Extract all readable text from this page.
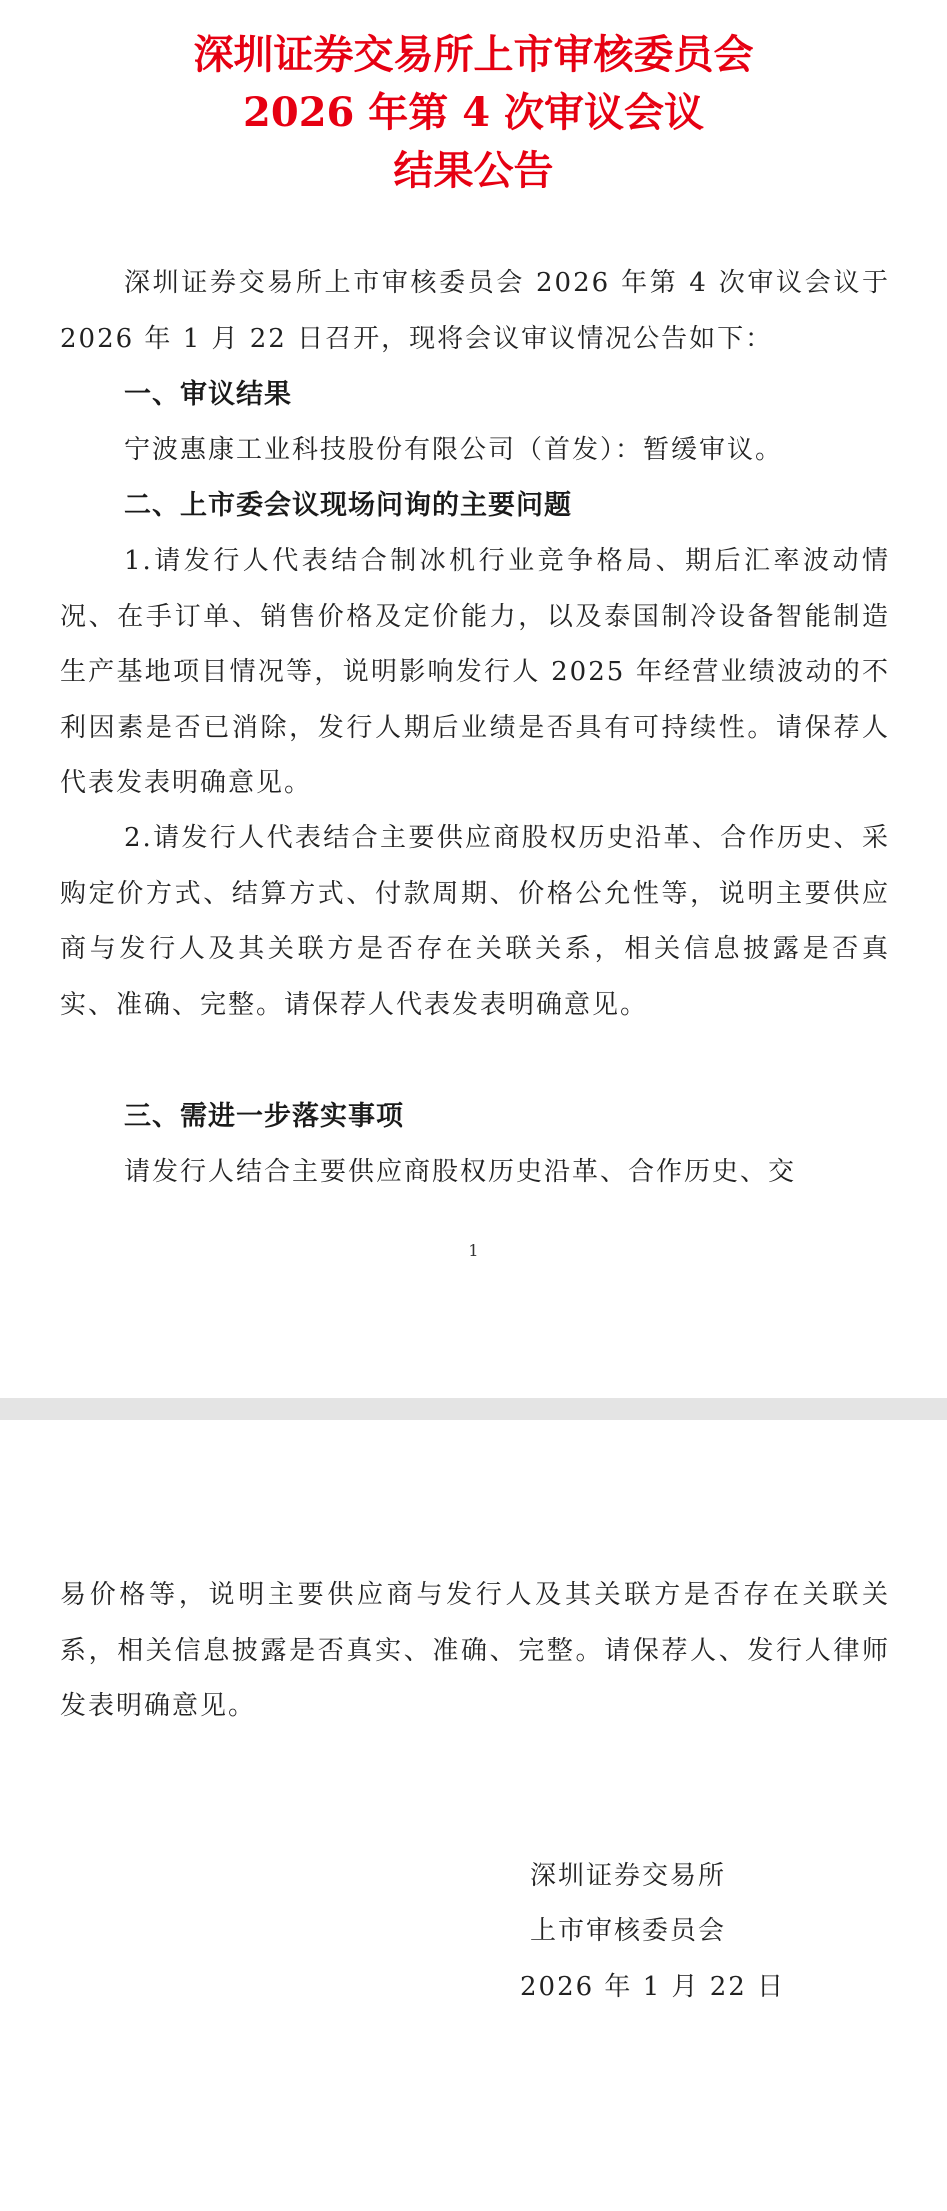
深圳证券交易所上市审核委员会
2026 年第 4 次审议会议
结果公告
深圳证券交易所上市审核委员会 2026 年第 4 次审议会议于 2026 年 1 月 22 日召开，现将会议审议情况公告如下：
一、审议结果
宁波惠康工业科技股份有限公司（首发）：暂缓审议。
二、上市委会议现场问询的主要问题
1.请发行人代表结合制冰机行业竞争格局、期后汇率波动情况、在手订单、销售价格及定价能力，以及泰国制冷设备智能制造生产基地项目情况等，说明影响发行人 2025 年经营业绩波动的不利因素是否已消除，发行人期后业绩是否具有可持续性。请保荐人代表发表明确意见。
2.请发行人代表结合主要供应商股权历史沿革、合作历史、采购定价方式、结算方式、付款周期、价格公允性等，说明主要供应商与发行人及其关联方是否存在关联关系，相关信息披露是否真实、准确、完整。请保荐人代表发表明确意见。
三、需进一步落实事项
请发行人结合主要供应商股权历史沿革、合作历史、交
1
易价格等，说明主要供应商与发行人及其关联方是否存在关联关系，相关信息披露是否真实、准确、完整。请保荐人、发行人律师发表明确意见。
深圳证券交易所
上市审核委员会
2026 年 1 月 22 日
